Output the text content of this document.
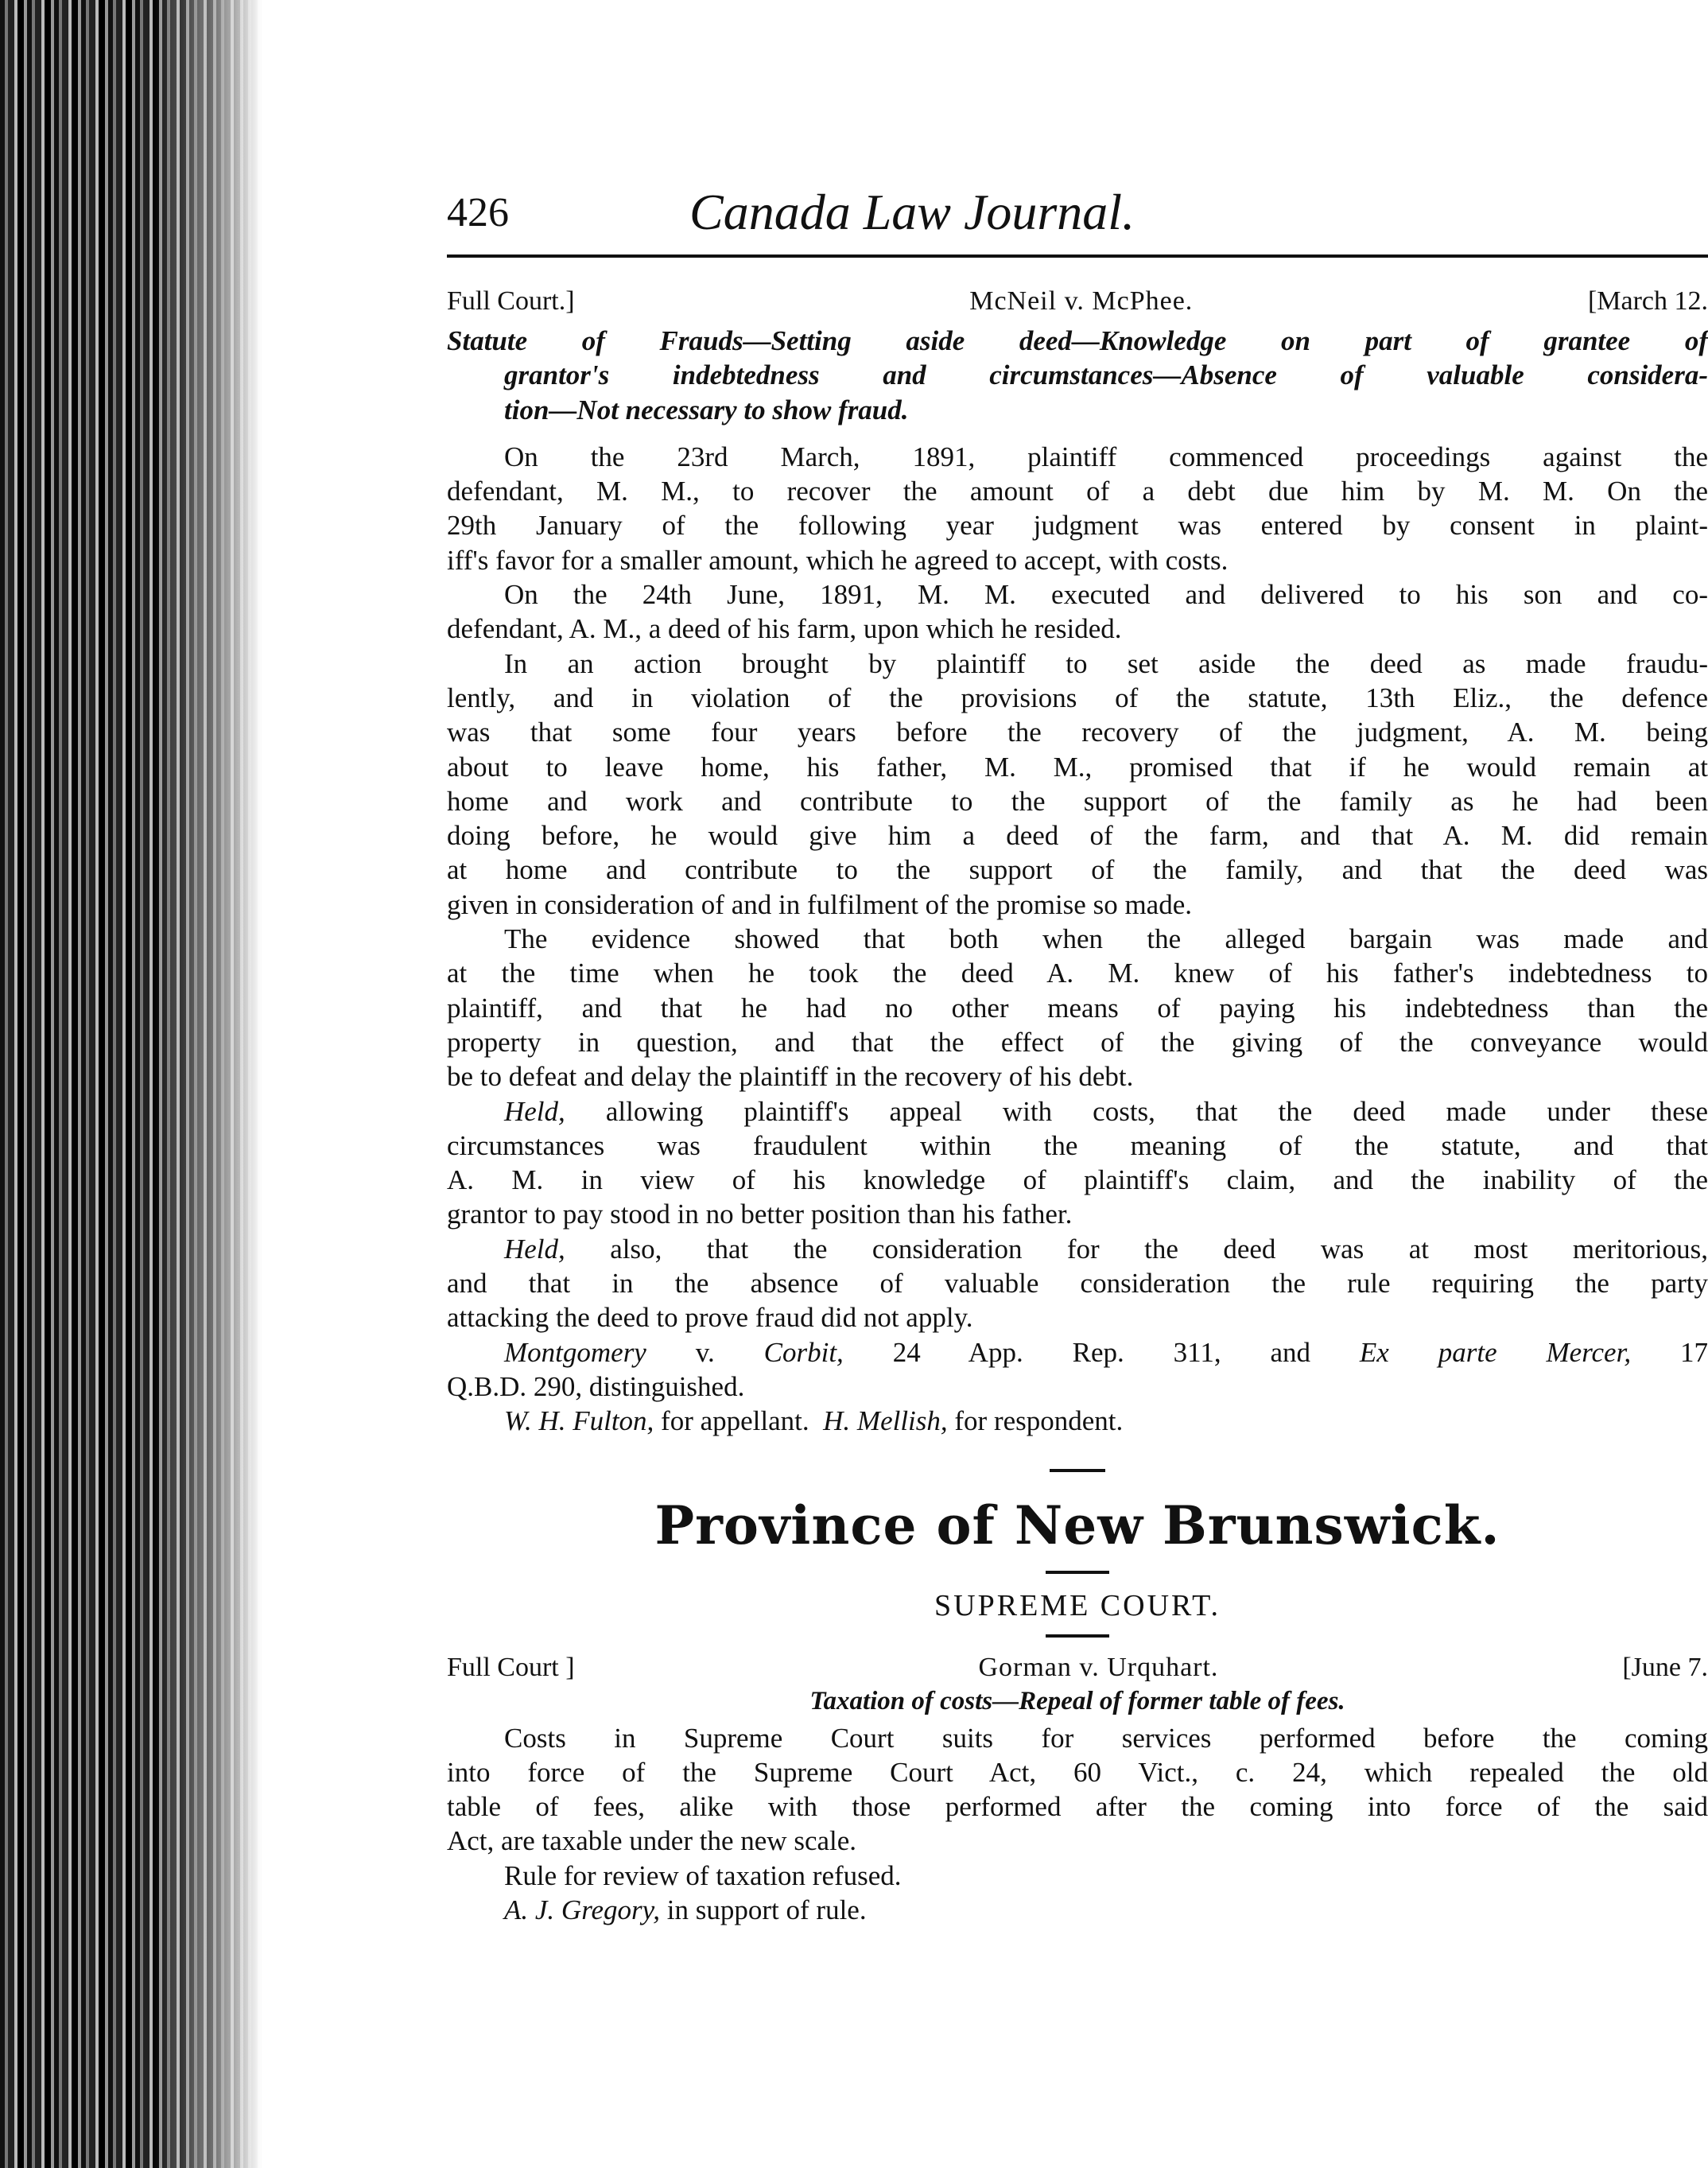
426	Canada Law Journal.
Full Court.]	McNeil v. McPhee.	[March 12.
Statute of Frauds—Setting aside deed—Knowledge on part of grantee of
grantor's indebtedness and circumstances—Absence of valuable considera-
tion—Not necessary to show fraud.
On the 23rd March, 1891, plaintiff commenced proceedings against the
defendant, M. M., to recover the amount of a debt due him by M. M. On the
29th January of the following year judgment was entered by consent in plaint-
iff's favor for a smaller amount, which he agreed to accept, with costs.
On the 24th June, 1891, M. M. executed and delivered to his son and co-
defendant, A. M., a deed of his farm, upon which he resided.
In an action brought by plaintiff to set aside the deed as made fraudu-
lently, and in violation of the provisions of the statute, 13th Eliz., the defence
was that some four years before the recovery of the judgment, A. M. being
about to leave home, his father, M. M., promised that if he would remain at
home and work and contribute to the support of the family as he had been
doing before, he would give him a deed of the farm, and that A. M. did remain
at home and contribute to the support of the family, and that the deed was
given in consideration of and in fulfilment of the promise so made.
The evidence showed that both when the alleged bargain was made and
at the time when he took the deed A. M. knew of his father's indebtedness to
plaintiff, and that he had no other means of paying his indebtedness than the
property in question, and that the effect of the giving of the conveyance would
be to defeat and delay the plaintiff in the recovery of his debt.
Held, allowing plaintiff's appeal with costs, that the deed made under these
circumstances was fraudulent within the meaning of the statute, and that
A. M. in view of his knowledge of plaintiff's claim, and the inability of the
grantor to pay stood in no better position than his father.
Held, also, that the consideration for the deed was at most meritorious,
and that in the absence of valuable consideration the rule requiring the party
attacking the deed to prove fraud did not apply.
Montgomery v. Corbit, 24 App. Rep. 311, and Ex parte Mercer, 17
Q.B.D. 290, distinguished.
W. H. Fulton, for appellant. H. Mellish, for respondent.
Province of New Brunswick.
SUPREME COURT.
Full Court ]	Gorman v. Urquhart.	[June 7.
Taxation of costs—Repeal of former table of fees.
Costs in Supreme Court suits for services performed before the coming
into force of the Supreme Court Act, 60 Vict., c. 24, which repealed the old
table of fees, alike with those performed after the coming into force of the said
Act, are taxable under the new scale.
Rule for review of taxation refused.
A. J. Gregory, in support of rule.
